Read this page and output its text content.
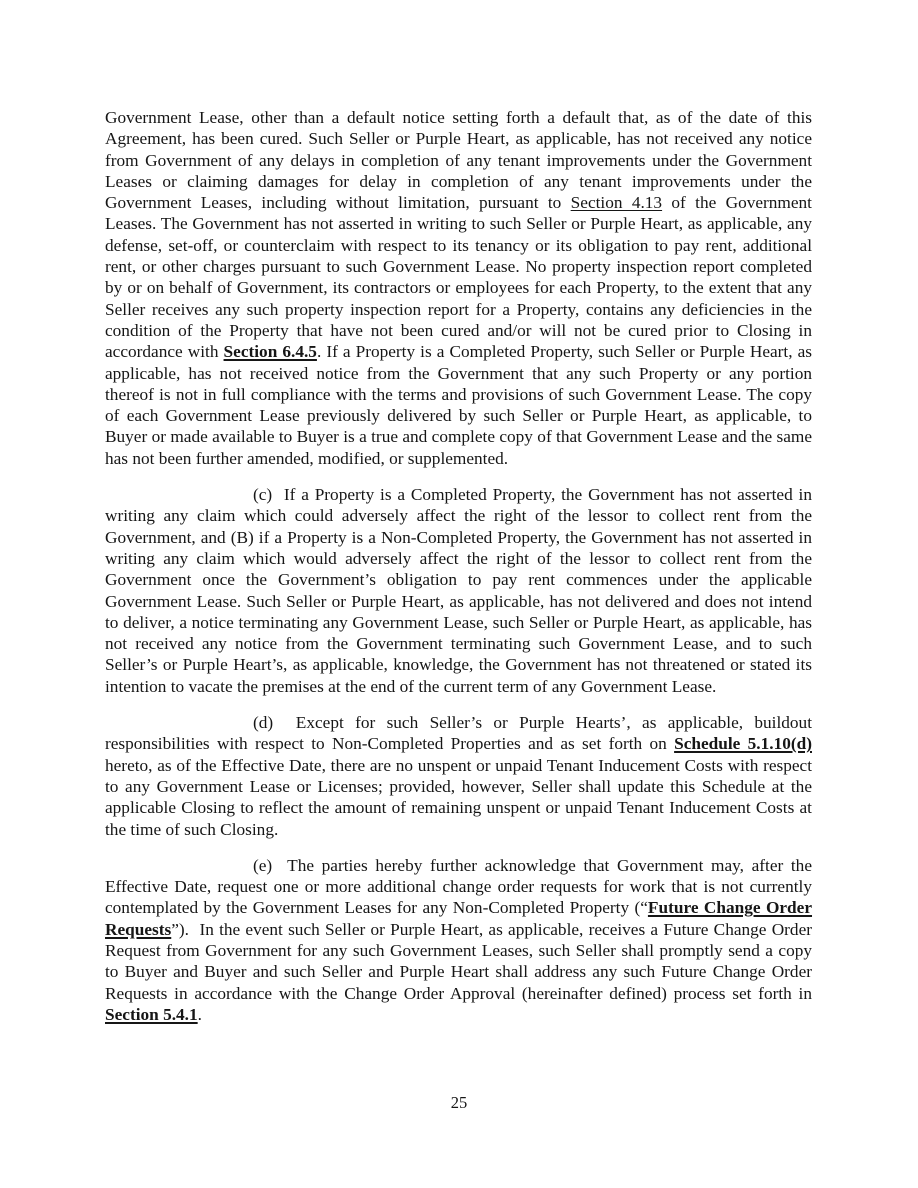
Government Lease, other than a default notice setting forth a default that, as of the date of this Agreement, has been cured. Such Seller or Purple Heart, as applicable, has not received any notice from Government of any delays in completion of any tenant improvements under the Government Leases or claiming damages for delay in completion of any tenant improvements under the Government Leases, including without limitation, pursuant to Section 4.13 of the Government Leases. The Government has not asserted in writing to such Seller or Purple Heart, as applicable, any defense, set-off, or counterclaim with respect to its tenancy or its obligation to pay rent, additional rent, or other charges pursuant to such Government Lease. No property inspection report completed by or on behalf of Government, its contractors or employees for each Property, to the extent that any Seller receives any such property inspection report for a Property, contains any deficiencies in the condition of the Property that have not been cured and/or will not be cured prior to Closing in accordance with Section 6.4.5. If a Property is a Completed Property, such Seller or Purple Heart, as applicable, has not received notice from the Government that any such Property or any portion thereof is not in full compliance with the terms and provisions of such Government Lease. The copy of each Government Lease previously delivered by such Seller or Purple Heart, as applicable, to Buyer or made available to Buyer is a true and complete copy of that Government Lease and the same has not been further amended, modified, or supplemented.

(c)  If a Property is a Completed Property, the Government has not asserted in writing any claim which could adversely affect the right of the lessor to collect rent from the Government, and (B) if a Property is a Non-Completed Property, the Government has not asserted in writing any claim which would adversely affect the right of the lessor to collect rent from the Government once the Government’s obligation to pay rent commences under the applicable Government Lease. Such Seller or Purple Heart, as applicable, has not delivered and does not intend to deliver, a notice terminating any Government Lease, such Seller or Purple Heart, as applicable, has not received any notice from the Government terminating such Government Lease, and to such Seller’s or Purple Heart’s, as applicable, knowledge, the Government has not threatened or stated its intention to vacate the premises at the end of the current term of any Government Lease.

(d)  Except for such Seller’s or Purple Hearts’, as applicable, buildout responsibilities with respect to Non-Completed Properties and as set forth on Schedule 5.1.10(d) hereto, as of the Effective Date, there are no unspent or unpaid Tenant Inducement Costs with respect to any Government Lease or Licenses; provided, however, Seller shall update this Schedule at the applicable Closing to reflect the amount of remaining unspent or unpaid Tenant Inducement Costs at the time of such Closing.

(e)  The parties hereby further acknowledge that Government may, after the Effective Date, request one or more additional change order requests for work that is not currently contemplated by the Government Leases for any Non-Completed Property (“Future Change Order Requests”).  In the event such Seller or Purple Heart, as applicable, receives a Future Change Order Request from Government for any such Government Leases, such Seller shall promptly send a copy to Buyer and Buyer and such Seller and Purple Heart shall address any such Future Change Order Requests in accordance with the Change Order Approval (hereinafter defined) process set forth in Section 5.4.1.

25
